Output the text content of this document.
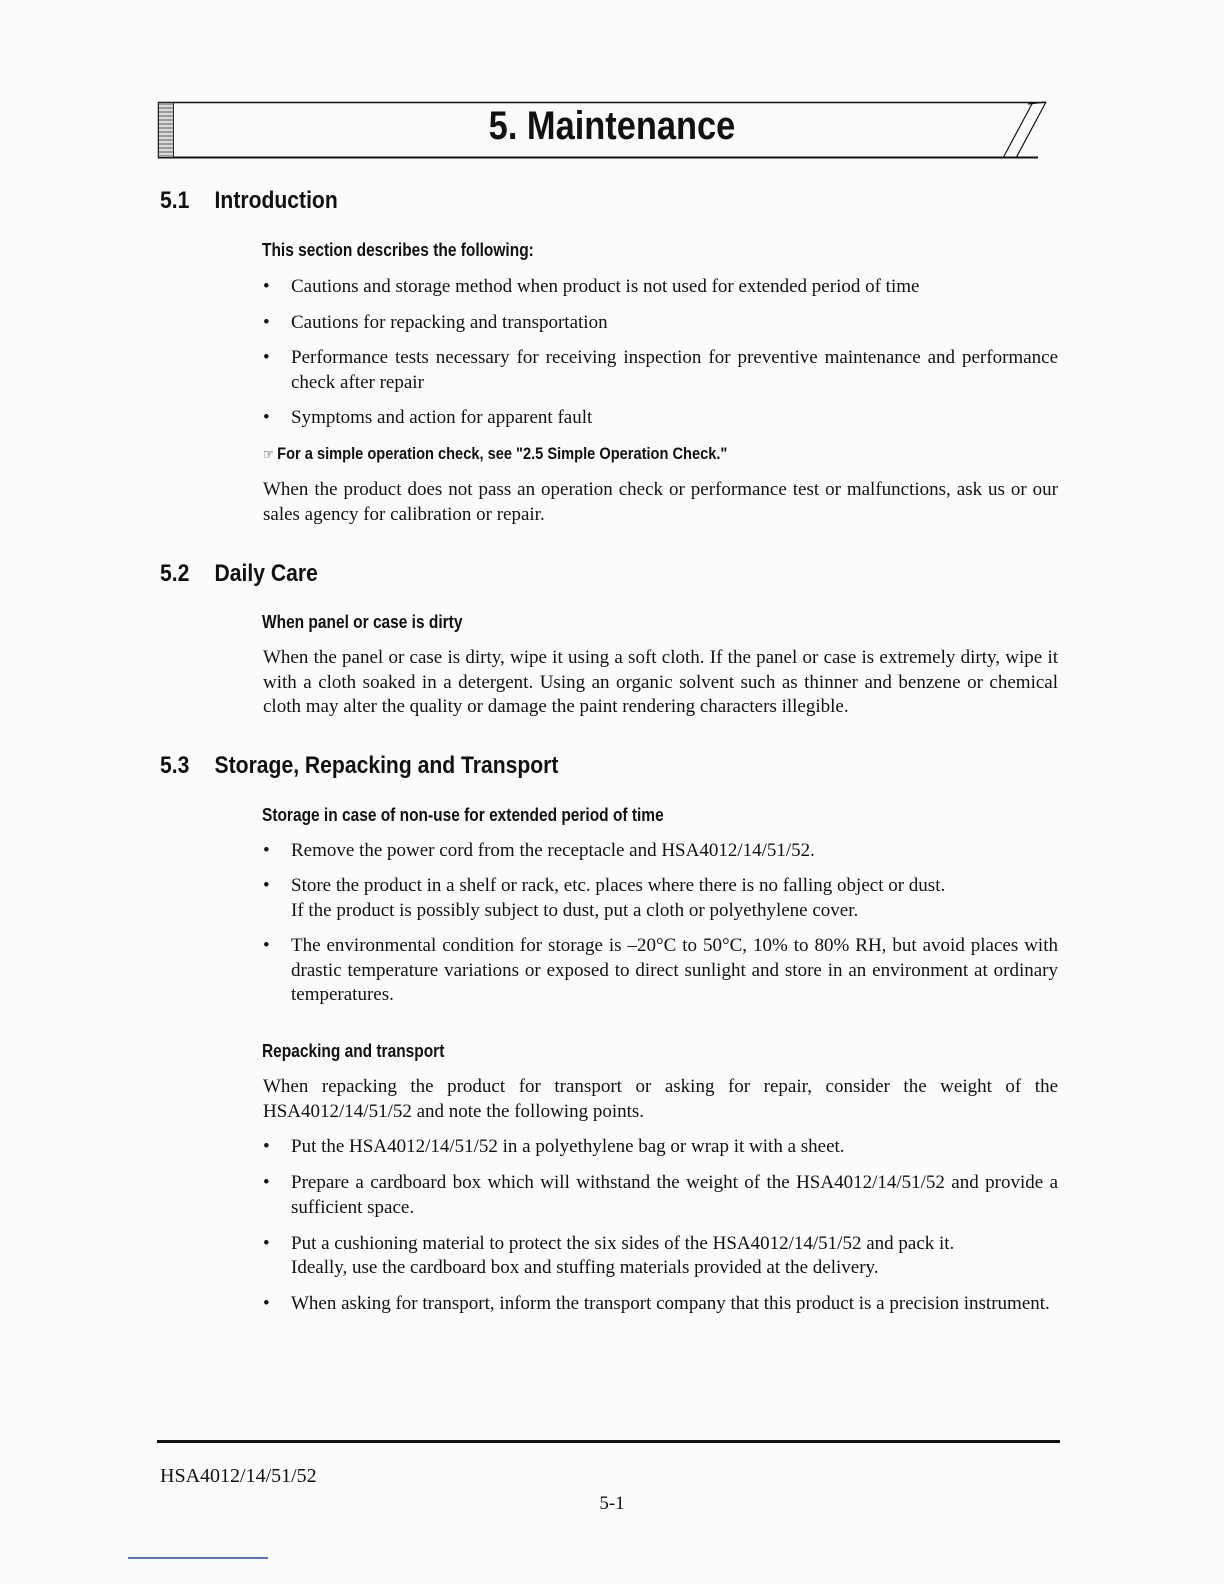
5. Maintenance
5.1 Introduction
This section describes the following:
• Cautions and storage method when product is not used for extended period of time
• Cautions for repacking and transportation
• Performance tests necessary for receiving inspection for preventive maintenance and performance check after repair
• Symptoms and action for apparent fault
☞ For a simple operation check, see "2.5 Simple Operation Check."
When the product does not pass an operation check or performance test or malfunctions, ask us or our sales agency for calibration or repair.
5.2 Daily Care
When panel or case is dirty
When the panel or case is dirty, wipe it using a soft cloth. If the panel or case is extremely dirty, wipe it with a cloth soaked in a detergent. Using an organic solvent such as thinner and benzene or chemical cloth may alter the quality or damage the paint rendering characters illegible.
5.3 Storage, Repacking and Transport
Storage in case of non-use for extended period of time
• Remove the power cord from the receptacle and HSA4012/14/51/52.
• Store the product in a shelf or rack, etc. places where there is no falling object or dust.
If the product is possibly subject to dust, put a cloth or polyethylene cover.
• The environmental condition for storage is –20°C to 50°C, 10% to 80% RH, but avoid places with drastic temperature variations or exposed to direct sunlight and store in an environment at ordinary temperatures.
Repacking and transport
When repacking the product for transport or asking for repair, consider the weight of the HSA4012/14/51/52 and note the following points.
• Put the HSA4012/14/51/52 in a polyethylene bag or wrap it with a sheet.
• Prepare a cardboard box which will withstand the weight of the HSA4012/14/51/52 and provide a sufficient space.
• Put a cushioning material to protect the six sides of the HSA4012/14/51/52 and pack it.
Ideally, use the cardboard box and stuffing materials provided at the delivery.
• When asking for transport, inform the transport company that this product is a precision instrument.
HSA4012/14/51/52
5-1
